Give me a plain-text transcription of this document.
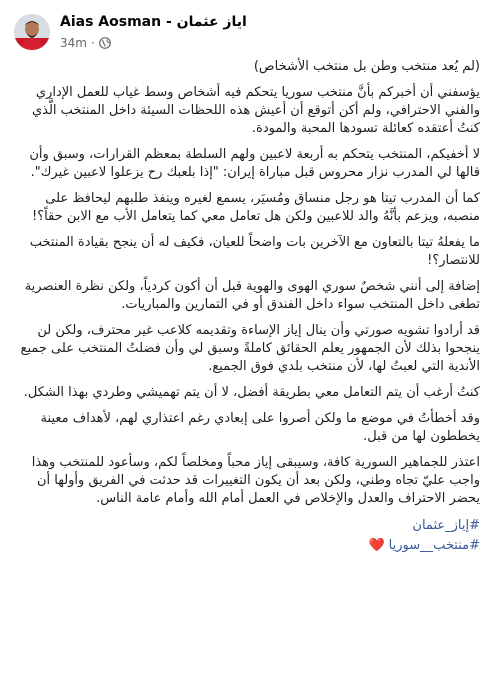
Aias Aosman - اياز عثمان
34m ·

(لم يُعد منتخب وطن بل منتخب الأشخاص)

يؤسفني أن أخبركم بأنَّ منتخب سوريا يتحكم فيه أشخاص وسط غياب للعمل الإداري والفني الاحترافي، ولم أكن أتوقع أن أعيش هذه اللحظات السيئة داخل المنتخب الَّذي كنتُ أعتقده كعائلة تسودها المحبة والمودة.

لا أخفيكم، المنتخب يتحكم به أربعة لاعبين ولهم السلطة بمعظم القرارات، وسبق وأن قالها لي المدرب نزار محروس قبل مباراة إيران: "إذا بلعبك رح يزعلوا لاعبين غيرك".

كما أن المدرب تيتا هو رجل منساق ومُسيَر، يسمع لغيره وينفذ طلبهم ليحافظ على منصبه، ويزعم بأنَّهُ والد للاعبين ولكن هل تعامل معي كما يتعامل الأب مع الابن حقاً؟!

ما يفعلهُ تيتا بالتعاون مع الآخرين بات واضحاً للعيان، فكيف له أن ينجح بقيادة المنتخب للانتصار؟!

إضافة إلى أنني شخصٌ سوري الهوى والهوية قبل أن أكون كردياً، ولكن نظرة العنصرية تطغى داخل المنتخب سواء داخل الفندق أو في التمارين والمباريات.

قد أرادوا تشويه صورتي وأن ينال إياز الإساءة وتقديمه كلاعب غير محترف، ولكن لن ينجحوا بذلك لأن الجمهور يعلم الحقائق كاملةً وسبق لي وأن فضلتُ المنتخب على جميع الأندية التي لعبتُ لها، لأن منتخب بلدي فوق الجميع.

كنتُ أرغب أن يتم التعامل معي بطريقة أفضل، لا أن يتم تهميشي وطردي بهذا الشكل.

وقد أخطأتُ في موضع ما ولكن أصروا على إبعادي رغم اعتذاري لهم، لأهداف معينة يخططون لها من قبل.

اعتذر للجماهير السورية كافة، وسيبقى إياز محباً ومخلصاً لكم، وسأعود للمنتخب وهذا واجب عليّ تجاه وطني، ولكن بعد أن يكون التغييرات قد حدثت في الفريق وأولها أن يحضر الاحتراف والعدل والإخلاص في العمل أمام الله وأمام عامة الناس.

#إياز_عثمان
#منتخب__سوريا❤️
